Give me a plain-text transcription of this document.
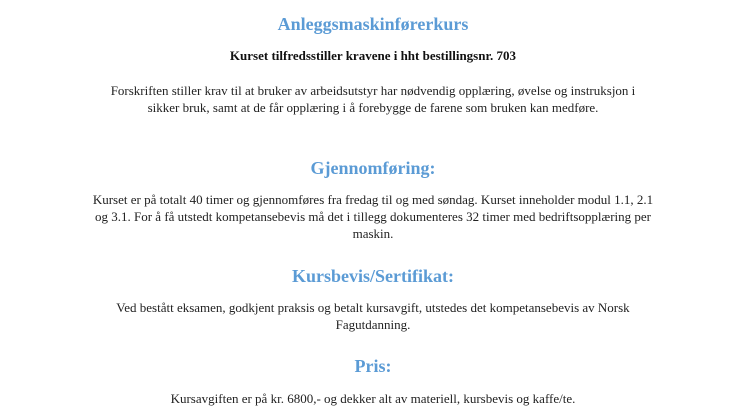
Anleggsmaskinførerkurs

Kurset tilfredsstiller kravene i hht bestillingsnr. 703

Forskriften stiller krav til at bruker av arbeidsutstyr har nødvendig opplæring, øvelse og instruksjon i sikker bruk, samt at de får opplæring i å forebygge de farene som bruken kan medføre.

Gjennomføring:

Kurset er på totalt 40 timer og gjennomføres fra fredag til og med søndag. Kurset inneholder modul 1.1, 2.1 og 3.1. For å få utstedt kompetansebevis må det i tillegg dokumenteres 32 timer med bedriftsopplæring per maskin.

Kursbevis/Sertifikat:

Ved bestått eksamen, godkjent praksis og betalt kursavgift, utstedes det kompetansebevis av Norsk Fagutdanning.

Pris:

Kursavgiften er på kr. 6800,- og dekker alt av materiell, kursbevis og kaffe/te.
